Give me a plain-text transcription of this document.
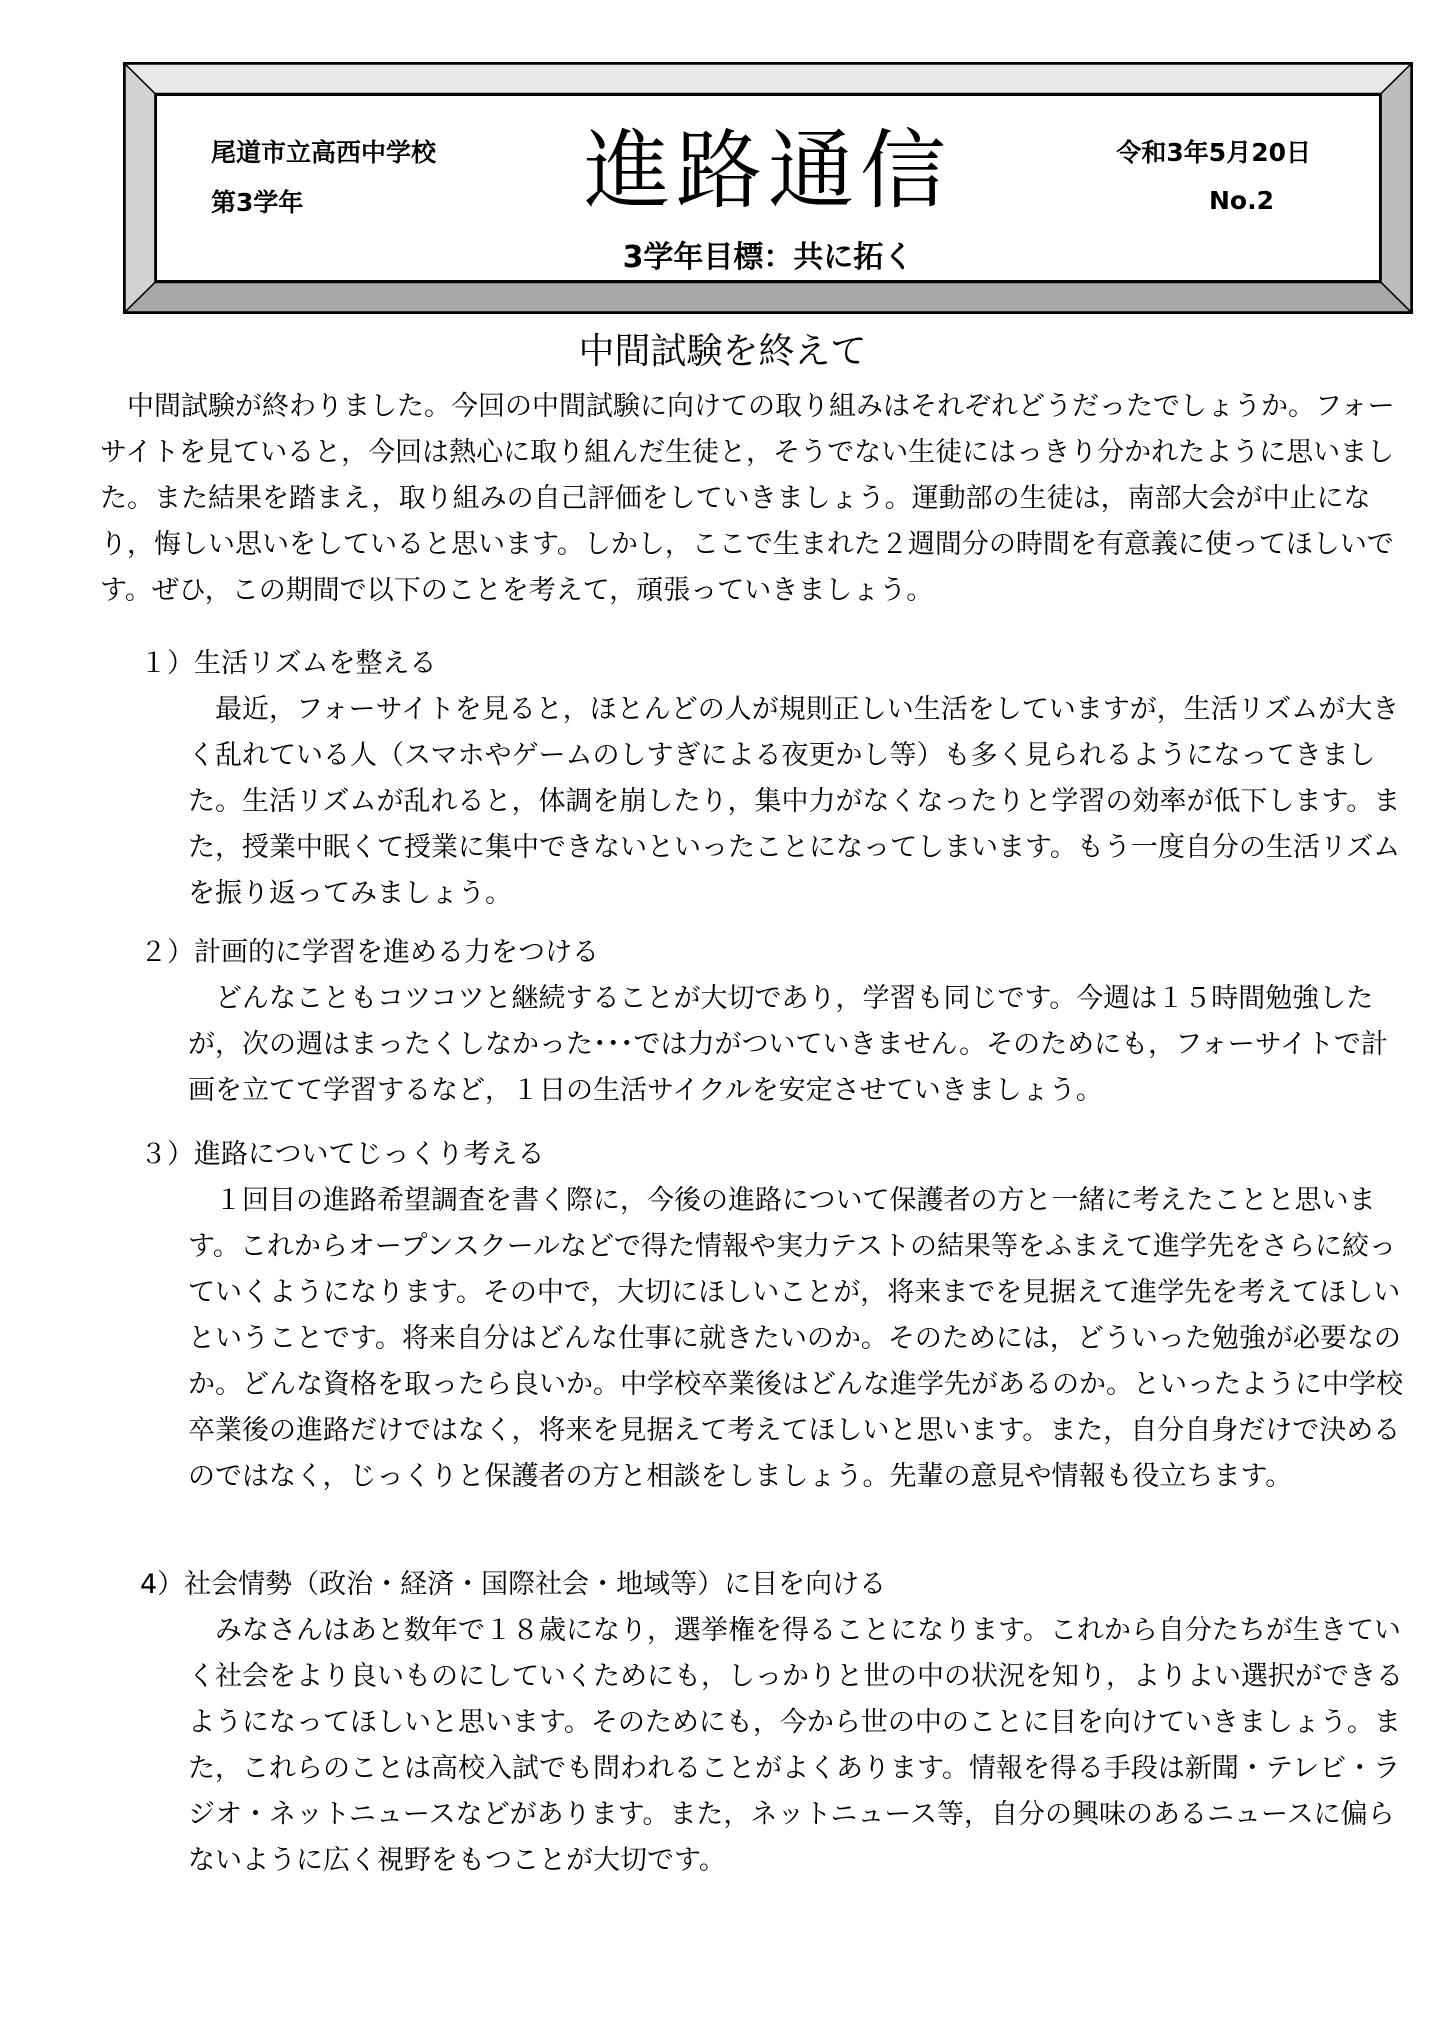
尾道市立高西中学校
第3学年	進路通信
3学年目標：共に拓く
令和3年5月20日
No.2
中間試験を終えて

中間試験が終わりました。今回の中間試験に向けての取り組みはそれぞれどうだったでしょうか。フォーサイトを見ていると，今回は熱心に取り組んだ生徒と，そうでない生徒にはっきり分かれたように思いました。また結果を踏まえ，取り組みの自己評価をしていきましょう。運動部の生徒は，南部大会が中止になり，悔しい思いをしていると思います。しかし，ここで生まれた２週間分の時間を有意義に使ってほしいです。ぜひ，この期間で以下のことを考えて，頑張っていきましょう。

１）生活リズムを整える

最近，フォーサイトを見ると，ほとんどの人が規則正しい生活をしていますが，生活リズムが大きく乱れている人（スマホやゲームのしすぎによる夜更かし等）も多く見られるようになってきました。生活リズムが乱れると，体調を崩したり，集中力がなくなったりと学習の効率が低下します。また，授業中眠くて授業に集中できないといったことになってしまいます。もう一度自分の生活リズムを振り返ってみましょう。

２）計画的に学習を進める力をつける

どんなこともコツコツと継続することが大切であり，学習も同じです。今週は１５時間勉強したが，次の週はまったくしなかった･･･では力がついていきません。そのためにも，フォーサイトで計画を立てて学習するなど，１日の生活サイクルを安定させていきましょう。

３）進路についてじっくり考える

１回目の進路希望調査を書く際に，今後の進路について保護者の方と一緒に考えたことと思います。これからオープンスクールなどで得た情報や実力テストの結果等をふまえて進学先をさらに絞っていくようになります。その中で，大切にほしいことが，将来までを見据えて進学先を考えてほしいということです。将来自分はどんな仕事に就きたいのか。そのためには，どういった勉強が必要なのか。どんな資格を取ったら良いか。中学校卒業後はどんな進学先があるのか。といったように中学校卒業後の進路だけではなく，将来を見据えて考えてほしいと思います。また，自分自身だけで決めるのではなく，じっくりと保護者の方と相談をしましょう。先輩の意見や情報も役立ちます。

4）社会情勢（政治・経済・国際社会・地域等）に目を向ける

みなさんはあと数年で１８歳になり，選挙権を得ることになります。これから自分たちが生きていく社会をより良いものにしていくためにも，しっかりと世の中の状況を知り，よりよい選択ができるようになってほしいと思います。そのためにも，今から世の中のことに目を向けていきましょう。また，これらのことは高校入試でも問われることがよくあります。情報を得る手段は新聞・テレビ・ラジオ・ネットニュースなどがあります。また，ネットニュース等，自分の興味のあるニュースに偏らないように広く視野をもつことが大切です。
